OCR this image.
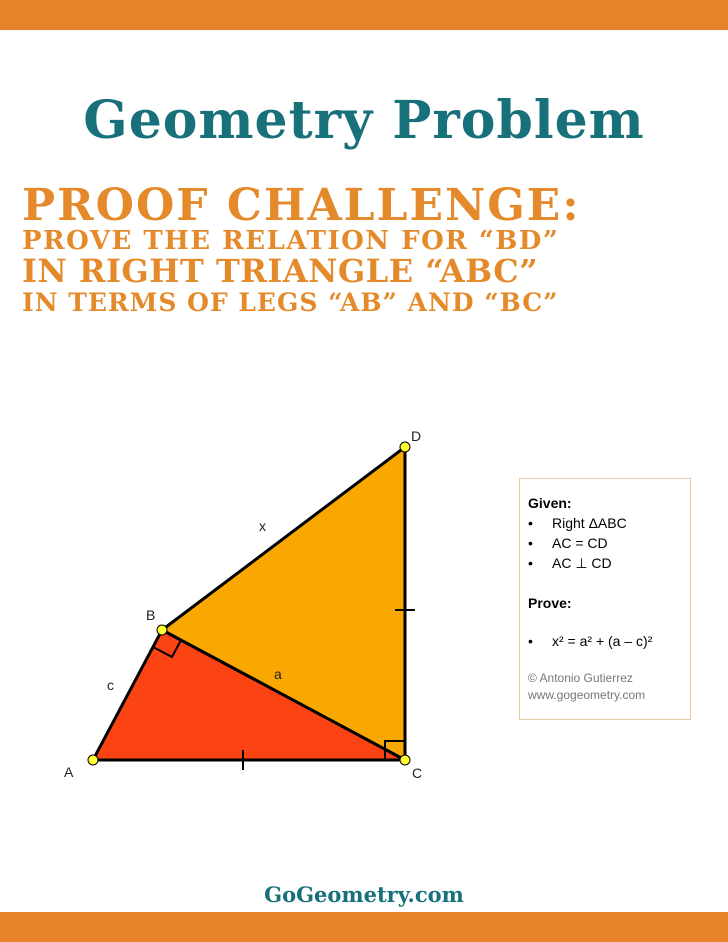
Geometry Problem
PROOF CHALLENGE:
PROVE THE RELATION FOR “BD”
IN RIGHT TRIANGLE “ABC”
IN TERMS OF LEGS “AB” AND “BC”
A
B
C
D
x
a
c
Given:
• Right ΔABC
• AC = CD
• AC ⊥ CD
Prove:
• x² = a² + (a – c)²
© Antonio Gutierrez
www.gogeometry.com
GoGeometry.com
